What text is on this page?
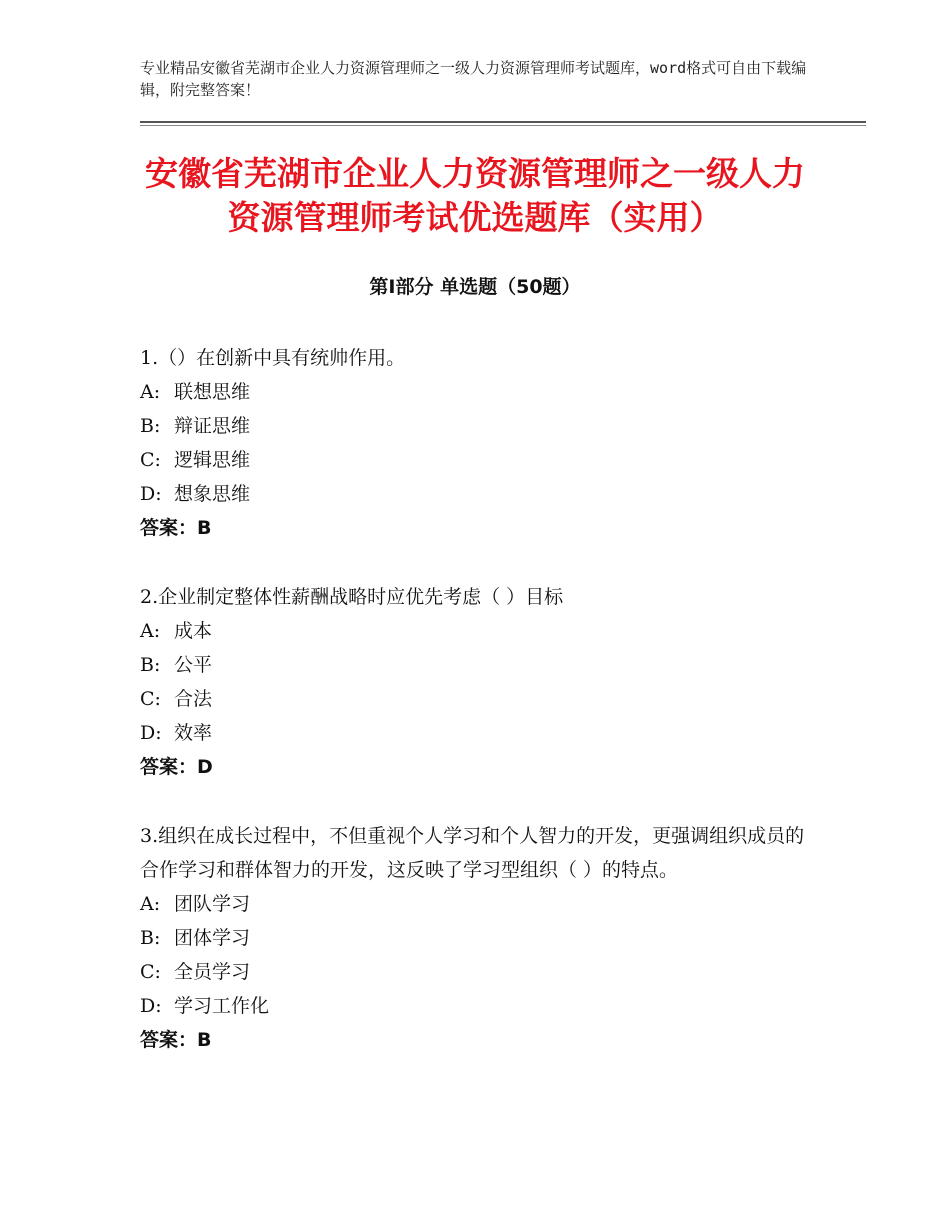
专业精品安徽省芜湖市企业人力资源管理师之一级人力资源管理师考试题库，word格式可自由下载编辑，附完整答案！
安徽省芜湖市企业人力资源管理师之一级人力资源管理师考试优选题库（实用）
第Ⅰ部分 单选题（50题）

1.（）在创新中具有统帅作用。

A: 联想思维

B: 辩证思维

C: 逻辑思维

D: 想象思维

答案：B

2.企业制定整体性薪酬战略时应优先考虑（ ）目标

A: 成本

B: 公平

C: 合法

D: 效率

答案：D

3.组织在成长过程中，不但重视个人学习和个人智力的开发，更强调组织成员的合作学习和群体智力的开发，这反映了学习型组织（ ）的特点。

A: 团队学习

B: 团体学习

C: 全员学习

D: 学习工作化

答案：B
